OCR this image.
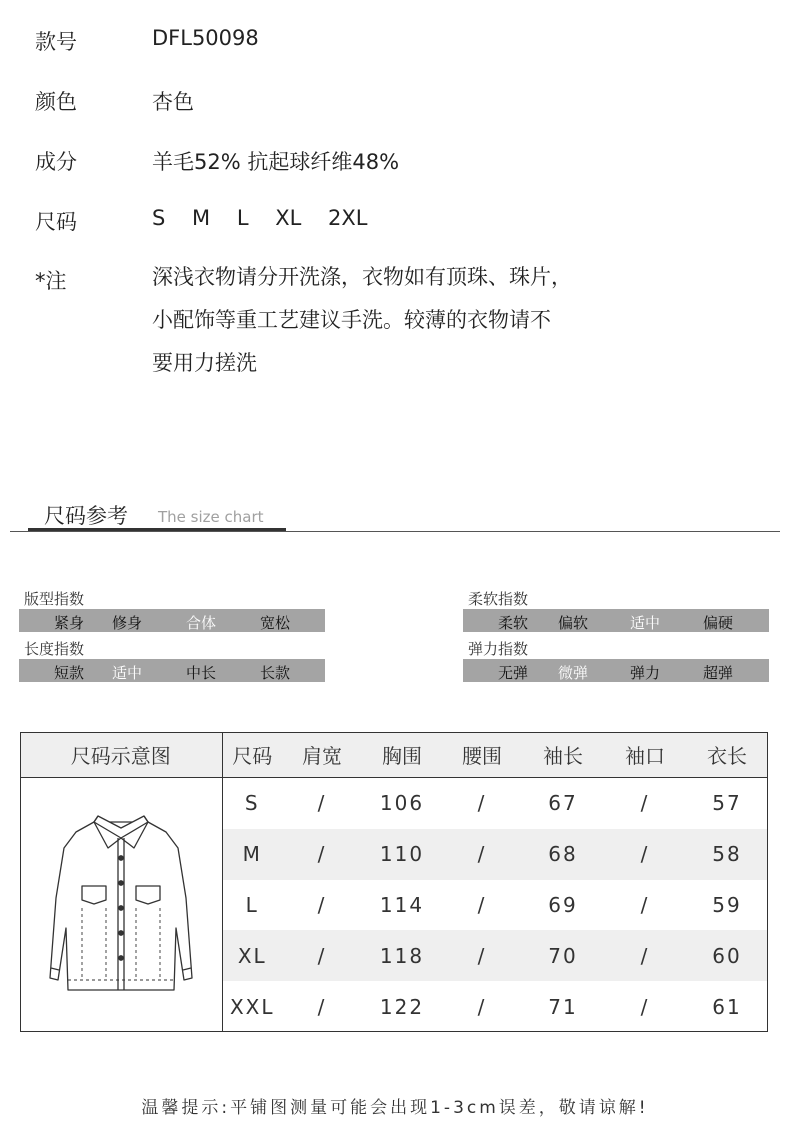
款号	DFL50098
颜色	杏色
成分	羊毛52% 抗起球纤维48%
尺码	S    M    L    XL    2XL
*注	深浅衣物请分开洗涤，衣物如有顶珠、珠片，
小配饰等重工艺建议手洗。较薄的衣物请不
要用力搓洗
尺码参考 The size chart
版型指数
紧身	修身	合体	宽松
长度指数
短款	适中	中长	长款
柔软指数
柔软	偏软	适中	偏硬
弹力指数
无弹	微弹	弹力	超弹
尺码示意图	尺码	肩宽	胸围	腰围	袖长	袖口	衣长
	S	/	106	/	67	/	57
	M	/	110	/	68	/	58
	L	/	114	/	69	/	59
	XL	/	118	/	70	/	60
	XXL	/	122	/	71	/	61
温馨提示:平铺图测量可能会出现1-3cm误差，敬请谅解!
